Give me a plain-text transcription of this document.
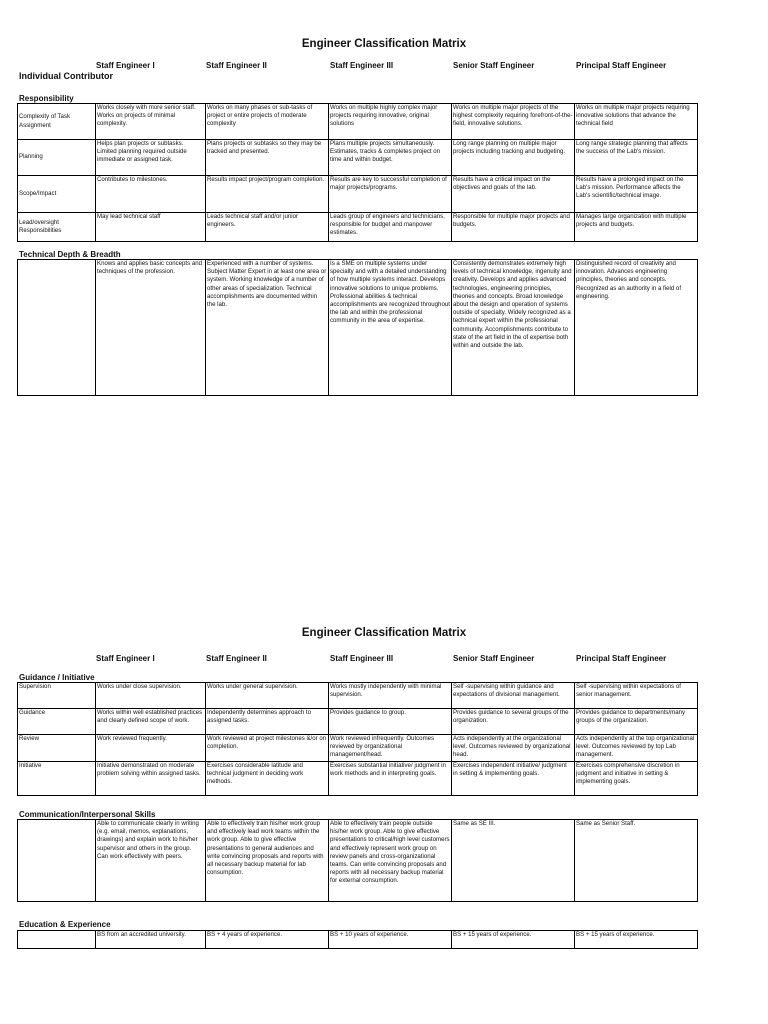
Engineer Classification Matrix
Staff Engineer I	Staff Engineer II	Staff Engineer III	Senior Staff Engineer	Principal Staff Engineer
Individual Contributor
Responsibility
Complexity of Task Assignment	Works closely with more senior staff. Works on projects of minimal complexity.	Works on many phases or sub-tasks of project or entire projects of moderate complexity	Works on multiple highly complex major projects requiring innovative, original solutions	Works on multiple major projects of the highest complexity requiring forefront-of-the-field, innovative solutions.	Works on multiple major projects requiring innovative solutions that advance the technical field
Planning	Helps plan projects or subtasks. Limited planning required outside immediate or assigned task.	Plans projects or subtasks so they may be tracked and presented.	Plans multiple projects simultaneously. Estimates, tracks & completes project on time and within budget.	Long range planning on multiple major projects including tracking and budgeting.	Long range strategic planning that affects the success of the Lab's mission.
Scope/Impact	Contributes to milestones.	Results impact project/program completion.	Results are key to successful completion of major projects/programs.	Results have a critical impact on the objectives and goals of the lab.	Results have a prolonged impact on the Lab's mission. Performance affects the Lab's scientific/technical image.
Lead/oversight Responsibilities	May lead technical staff	Leads technical staff and/or junior engineers.	Leads group of engineers and technicians, responsible for budget and manpower estimates.	Responsible for multiple major projects and budgets.	Manages large organization with multiple projects and budgets.
Technical Depth & Breadth
	Knows and applies basic concepts and techniques of the profession.	Experienced with a number of systems. Subject Matter Expert in at least one area or system. Working knowledge of a number of other areas of specialization. Technical accomplishments are documented within the lab.	Is a SME on multiple systems under specialty and with a detailed understanding of how multiple systems interact. Develops innovative solutions to unique problems. Professional abilities & technical accomplishments are recognized throughout the lab and within the professional community in the area of expertise.	Consistently demonstrates extremely high levels of technical knowledge, ingenuity and creativity. Develops and applies advanced technologies, engineering principles, theories and concepts. Broad knowledge about the design and operation of systems outside of specialty. Widely recognized as a technical expert within the professional community. Accomplishments contribute to state of the art field in the of expertise both within and outside the lab.	Distinguished record of creativity and innovation. Advances engineering principles, theories and concepts. Recognized as an authority in a field of engineering.
Engineer Classification Matrix
Staff Engineer I	Staff Engineer II	Staff Engineer III	Senior Staff Engineer	Principal Staff Engineer
Guidance / Initiative
Supervision	Works under close supervision.	Works under general supervision.	Works mostly independently with minimal supervision.	Self -supervising within guidance and expectations of divisional management.	Self -supervising within expectations of senior management.
Guidance	Works within well established practices and clearly defined scope of work.	Independently determines approach to assigned tasks.	Provides guidance to group.	Provides guidance to several groups of the organization.	Provides guidance to departments/many groups of the organization.
Review	Work reviewed frequently.	Work reviewed at project milestones &/or on completion.	Work reviewed infrequently. Outcomes reviewed by organizational management/head.	Acts independently at the organizational level. Outcomes reviewed by organizational head.	Acts independently at the top organizational level. Outcomes reviewed by top Lab management.
Initiative	Initiative demonstrated on moderate problem solving within assigned tasks.	Exercises considerable latitude and technical judgment in deciding work methods.	Exercises substantial initiative/ judgment in work methods and in interpreting goals.	Exercises independent initiative/ judgment in setting & implementing goals.	Exercises comprehensive discretion in judgment and initiative in setting & implementing goals.
Communication/Interpersonal Skills
	Able to communicate clearly in writing (e.g. email, memos, explanations, drawings) and explain work to his/her supervisor and others in the group. Can work effectively with peers.	Able to effectively train his/her work group and effectively lead work teams within the work group. Able to give effective presentations to general audiences and write convincing proposals and reports with all necessary backup material for lab consumption.	Able to effectively train people outside his/her work group. Able to give effective presentations to critical/high level customers and effectively represent work group on review panels and cross-organizational teams. Can write convincing proposals and reports with all necessary backup material for external consumption.	Same as SE III.	Same as Senior Staff.
Education & Experience
	BS from an accredited university.	BS + 4 years of experience.	BS + 10 years of experience.	BS + 15 years of experience.	BS + 15 years of experience.
